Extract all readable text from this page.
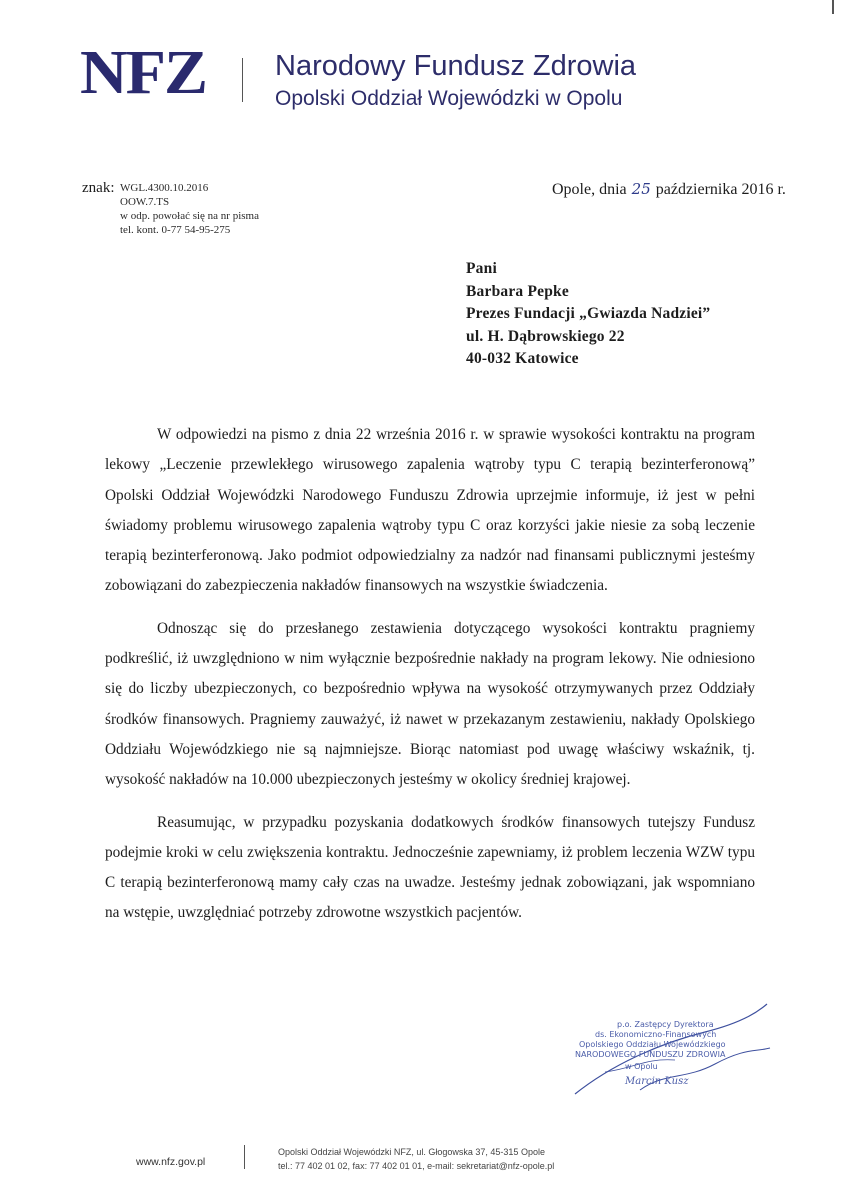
NFZ Narodowy Fundusz Zdrowia
Opolski Oddział Wojewódzki w Opolu
znak: WGL.4300.10.2016
OOW.7.TS
w odp. powołać się na nr pisma
tel. kont. 0-77 54-95-275
Opole, dnia 25 października 2016 r.
Pani
Barbara Pepke
Prezes Fundacji „Gwiazda Nadziei”
ul. H. Dąbrowskiego 22
40-032 Katowice

W odpowiedzi na pismo z dnia 22 września 2016 r. w sprawie wysokości kontraktu na program lekowy „Leczenie przewlekłego wirusowego zapalenia wątroby typu C terapią bezinterferonową” Opolski Oddział Wojewódzki Narodowego Funduszu Zdrowia uprzejmie informuje, iż jest w pełni świadomy problemu wirusowego zapalenia wątroby typu C oraz korzyści jakie niesie za sobą leczenie terapią bezinterferonową. Jako podmiot odpowiedzialny za nadzór nad finansami publicznymi jesteśmy zobowiązani do zabezpieczenia nakładów finansowych na wszystkie świadczenia.

Odnosząc się do przesłanego zestawienia dotyczącego wysokości kontraktu pragniemy podkreślić, iż uwzględniono w nim wyłącznie bezpośrednie nakłady na program lekowy. Nie odniesiono się do liczby ubezpieczonych, co bezpośrednio wpływa na wysokość otrzymywanych przez Oddziały środków finansowych. Pragniemy zauważyć, iż nawet w przekazanym zestawieniu, nakłady Opolskiego Oddziału Wojewódzkiego nie są najmniejsze. Biorąc natomiast pod uwagę właściwy wskaźnik, tj. wysokość nakładów na 10.000 ubezpieczonych jesteśmy w okolicy średniej krajowej.

Reasumując, w przypadku pozyskania dodatkowych środków finansowych tutejszy Fundusz podejmie kroki w celu zwiększenia kontraktu. Jednocześnie zapewniamy, iż problem leczenia WZW typu C terapią bezinterferonową mamy cały czas na uwadze. Jesteśmy jednak zobowiązani, jak wspomniano na wstępie, uwzględniać potrzeby zdrowotne wszystkich pacjentów.

p.o. Zastępcy Dyrektora
ds. Ekonomiczno-Finansowych
Opolskiego Oddziału Wojewódzkiego
NARODOWEGO FUNDUSZU ZDROWIA
w Opolu
Marcin Kusz
www.nfz.gov.pl
Opolski Oddział Wojewódzki NFZ, ul. Głogowska 37, 45-315 Opole
tel.: 77 402 01 02, fax: 77 402 01 01, e-mail: sekretariat@nfz-opole.pl
